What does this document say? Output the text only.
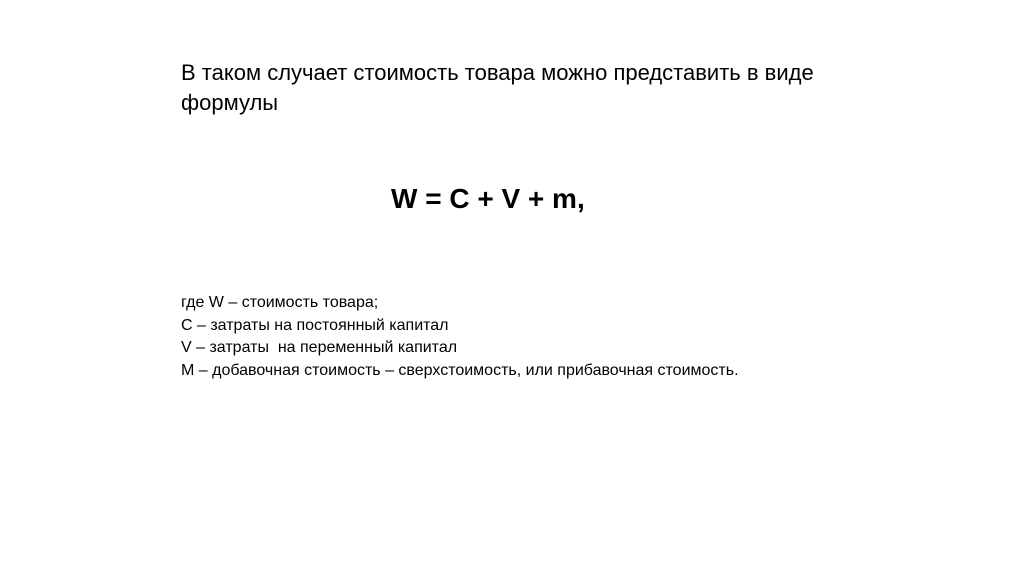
В таком случает стоимость товара можно представить в виде
формулы

W = C + V + m,

где W – стоимость товара;
С – затраты на постоянный капитал
V – затраты  на переменный капитал
М – добавочная стоимость – сверхстоимость, или прибавочная стоимость.
